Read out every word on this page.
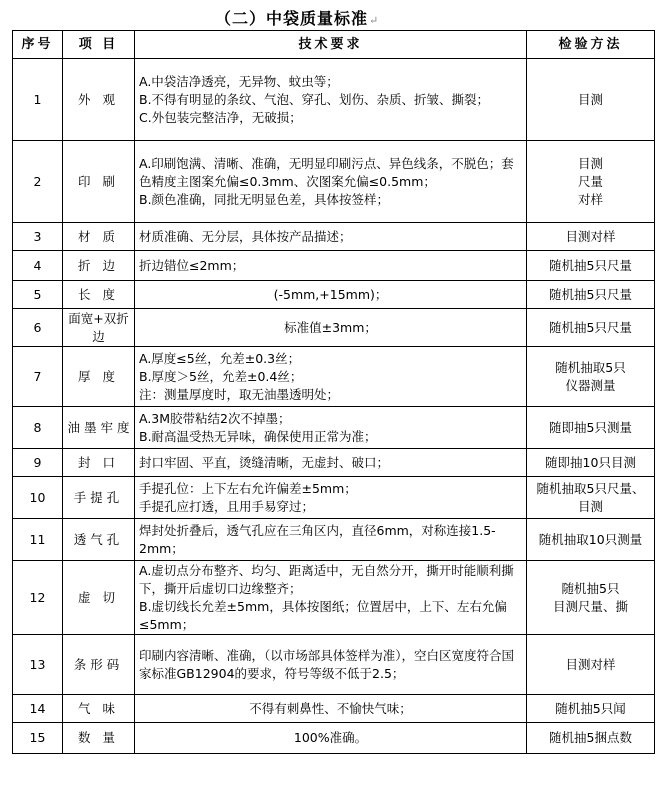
（二）中袋质量标准↵
序号	项 目	技术要求	检验方法
1	外 观	A.中袋洁净透亮，无异物、蚊虫等；
B.不得有明显的条纹、气泡、穿孔、划伤、杂质、折皱、撕裂；
C.外包装完整洁净，无破损；	目测

2	印 刷	A.印刷饱满、清晰、准确，无明显印刷污点、异色线条，不脱色；套色精度主图案允偏≤0.3mm、次图案允偏≤0.5mm；
B.颜色准确，同批无明显色差，具体按签样；	目测
尺量
对样

3	材 质	材质准确、无分层，具体按产品描述；	目测对样

4	折 边	折边错位≤2mm；	随机抽5只尺量

5	长 度	(-5mm,+15mm)；	随机抽5只尺量

6	面宽+双折边	标准值±3mm；	随机抽5只尺量

7	厚 度	A.厚度≤5丝，允差±0.3丝；
B.厚度＞5丝，允差±0.4丝；
注：测量厚度时，取无油墨透明处；	随机抽取5只
仪器测量

8	油 墨 牢 度	A.3M胶带粘结2次不掉墨；
B.耐高温受热无异味，确保使用正常为准；	随即抽5只测量

9	封 口	封口牢固、平直，烫缝清晰，无虚封、破口；	随即抽10只目测

10	手提孔	手提孔位：上下左右允许偏差±5mm；
手提孔应打透，且用手易穿过；	随机抽取5只尺量、目测

11	透气孔	焊封处折叠后，透气孔应在三角区内，直径6mm，对称连接1.5-2mm；	随机抽取10只测量

12	虚 切	A.虚切点分布整齐、均匀、距离适中，无自然分开，撕开时能顺利撕下，撕开后虚切口边缘整齐；
B.虚切线长允差±5mm，具体按图纸；位置居中，上下、左右允偏≤5mm；	随机抽5只
目测尺量、撕

13	条形码	印刷内容清晰、准确，（以市场部具体签样为准），空白区宽度符合国家标准GB12904的要求，符号等级不低于2.5；	目测对样

14	气 味	不得有刺鼻性、不愉快气味；	随机抽5只闻

15	数 量	100%准确。	随机抽5捆点数
